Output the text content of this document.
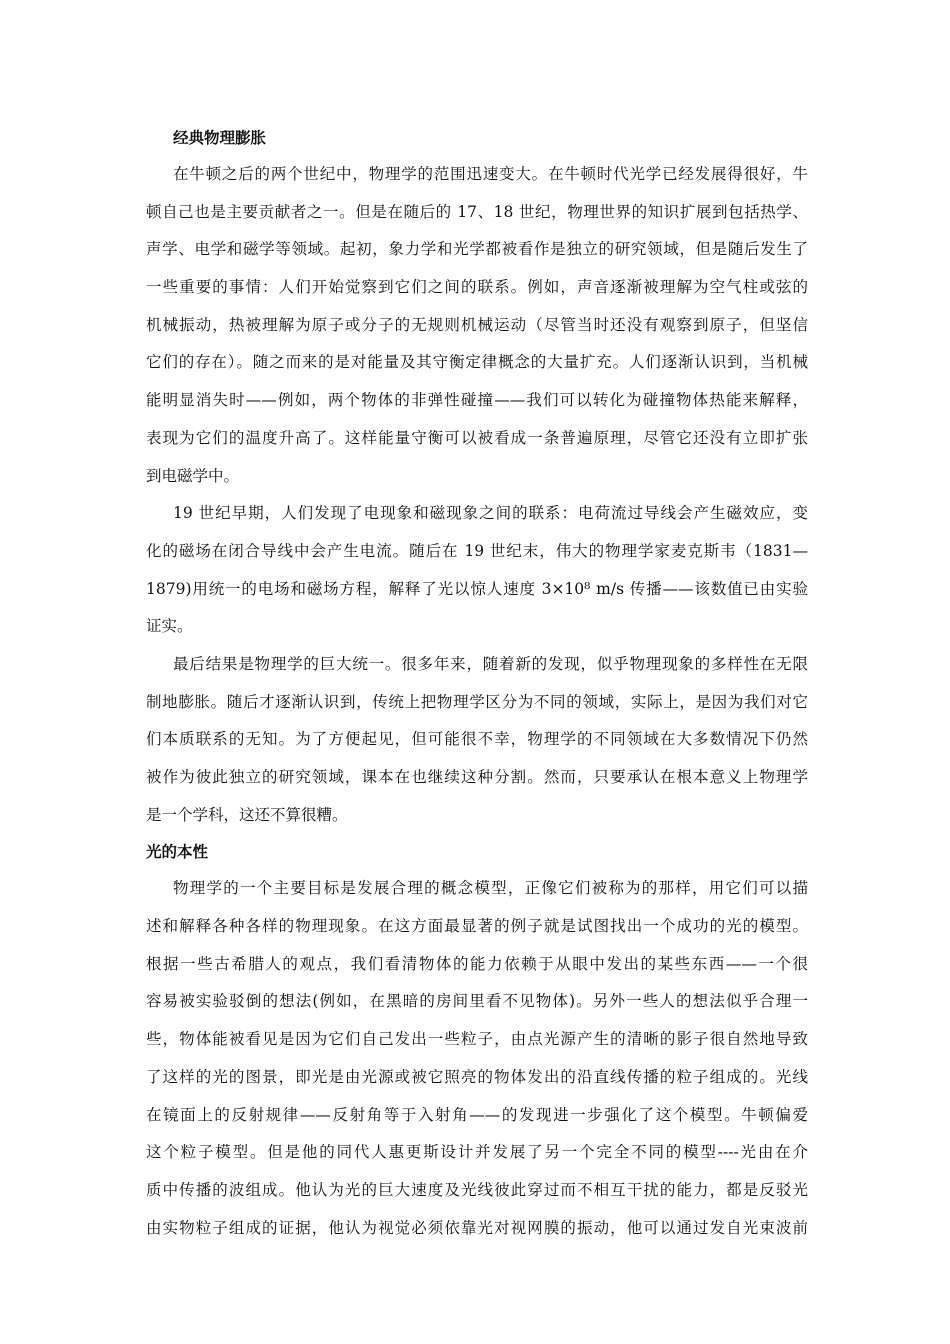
经典物理膨胀
在牛顿之后的两个世纪中，物理学的范围迅速变大。在牛顿时代光学已经发展得很好，牛
顿自己也是主要贡献者之一。但是在随后的 17、18 世纪，物理世界的知识扩展到包括热学、
声学、电学和磁学等领域。起初，象力学和光学都被看作是独立的研究领域，但是随后发生了
一些重要的事情：人们开始觉察到它们之间的联系。例如，声音逐渐被理解为空气柱或弦的
机械振动，热被理解为原子或分子的无规则机械运动（尽管当时还没有观察到原子，但坚信
它们的存在）。随之而来的是对能量及其守衡定律概念的大量扩充。人们逐渐认识到，当机械
能明显消失时——例如，两个物体的非弹性碰撞——我们可以转化为碰撞物体热能来解释，
表现为它们的温度升高了。这样能量守衡可以被看成一条普遍原理，尽管它还没有立即扩张
到电磁学中。
19 世纪早期，人们发现了电现象和磁现象之间的联系：电荷流过导线会产生磁效应，变
化的磁场在闭合导线中会产生电流。随后在 19 世纪末，伟大的物理学家麦克斯韦（1831—
1879)用统一的电场和磁场方程，解释了光以惊人速度 3×10⁸ m/s 传播——该数值已由实验
证实。
最后结果是物理学的巨大统一。很多年来，随着新的发现，似乎物理现象的多样性在无限
制地膨胀。随后才逐渐认识到，传统上把物理学区分为不同的领域，实际上，是因为我们对它
们本质联系的无知。为了方便起见，但可能很不幸，物理学的不同领域在大多数情况下仍然
被作为彼此独立的研究领域，课本在也继续这种分割。然而，只要承认在根本意义上物理学
是一个学科，这还不算很糟。
光的本性
物理学的一个主要目标是发展合理的概念模型，正像它们被称为的那样，用它们可以描
述和解释各种各样的物理现象。在这方面最显著的例子就是试图找出一个成功的光的模型。
根据一些古希腊人的观点，我们看清物体的能力依赖于从眼中发出的某些东西——一个很
容易被实验驳倒的想法(例如，在黑暗的房间里看不见物体)。另外一些人的想法似乎合理一
些，物体能被看见是因为它们自己发出一些粒子，由点光源产生的清晰的影子很自然地导致
了这样的光的图景，即光是由光源或被它照亮的物体发出的沿直线传播的粒子组成的。光线
在镜面上的反射规律——反射角等于入射角——的发现进一步强化了这个模型。牛顿偏爱
这个粒子模型。但是他的同代人惠更斯设计并发展了另一个完全不同的模型----光由在介
质中传播的波组成。他认为光的巨大速度及光线彼此穿过而不相互干扰的能力，都是反驳光
由实物粒子组成的证据，他认为视觉必须依靠光对视网膜的振动，他可以通过发自光束波前
